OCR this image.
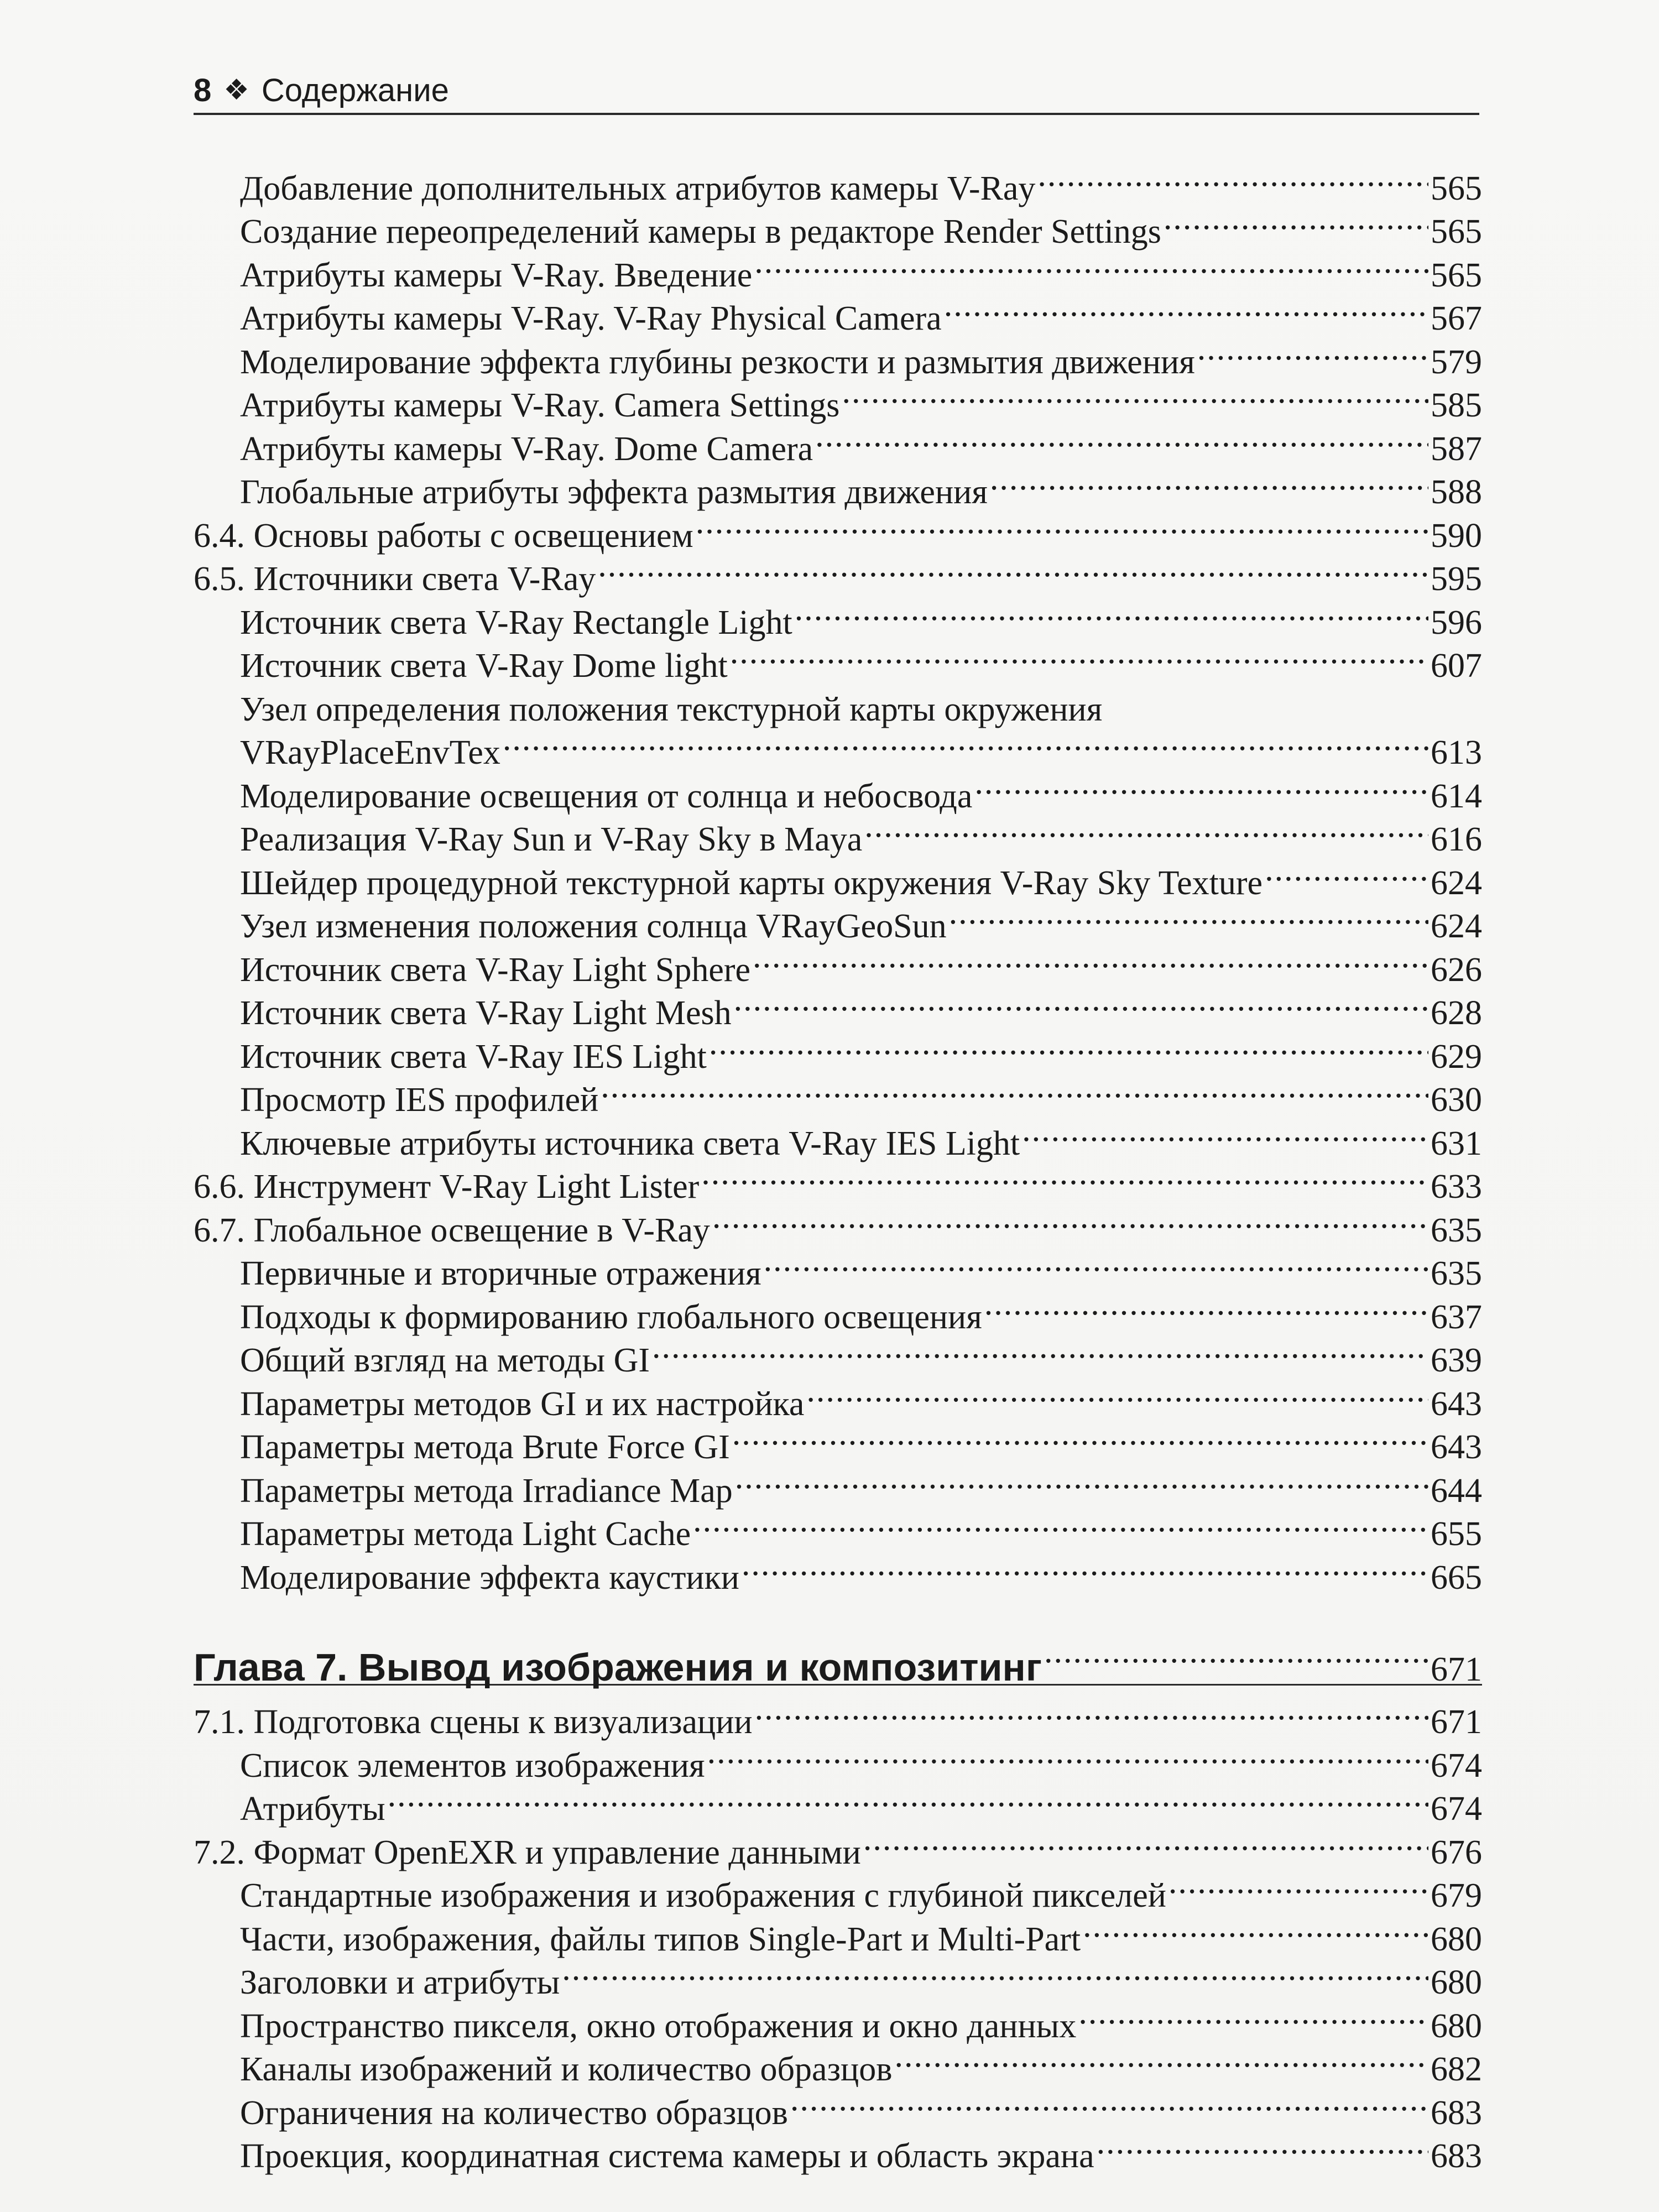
8 ❖ Содержание
Добавление дополнительных атрибутов камеры V-Ray .....	565
Создание переопределений камеры в редакторе Render Settings .....	565
Атрибуты камеры V-Ray. Введение .....	565
Атрибуты камеры V-Ray. V-Ray Physical Camera .....	567
Моделирование эффекта глубины резкости и размытия движения .....	579
Атрибуты камеры V-Ray. Camera Settings .....	585
Атрибуты камеры V-Ray. Dome Camera .....	587
Глобальные атрибуты эффекта размытия движения .....	588
6.4. Основы работы с освещением .....	590
6.5. Источники света V-Ray .....	595
Источник света V-Ray Rectangle Light .....	596
Источник света V-Ray Dome light .....	607
Узел определения положения текстурной карты окружения
VRayPlaceEnvTex .....	613
Моделирование освещения от солнца и небосвода .....	614
Реализация V-Ray Sun и V-Ray Sky в Maya .....	616
Шейдер процедурной текстурной карты окружения V-Ray Sky Texture .....	624
Узел изменения положения солнца VRayGeoSun .....	624
Источник света V-Ray Light Sphere .....	626
Источник света V-Ray Light Mesh .....	628
Источник света V-Ray IES Light .....	629
Просмотр IES профилей .....	630
Ключевые атрибуты источника света V-Ray IES Light .....	631
6.6. Инструмент V-Ray Light Lister .....	633
6.7. Глобальное освещение в V-Ray .....	635
Первичные и вторичные отражения .....	635
Подходы к формированию глобального освещения .....	637
Общий взгляд на методы GI .....	639
Параметры методов GI и их настройка .....	643
Параметры метода Brute Force GI .....	643
Параметры метода Irradiance Map .....	644
Параметры метода Light Cache .....	655
Моделирование эффекта каустики .....	665
Глава 7. Вывод изображения и композитинг .....	671
7.1. Подготовка сцены к визуализации .....	671
Список элементов изображения .....	674
Атрибуты .....	674
7.2. Формат OpenEXR и управление данными .....	676
Стандартные изображения и изображения с глубиной пикселей .....	679
Части, изображения, файлы типов Single-Part и Multi-Part .....	680
Заголовки и атрибуты .....	680
Пространство пикселя, окно отображения и окно данных .....	680
Каналы изображений и количество образцов .....	682
Ограничения на количество образцов .....	683
Проекция, координатная система камеры и область экрана .....	683
